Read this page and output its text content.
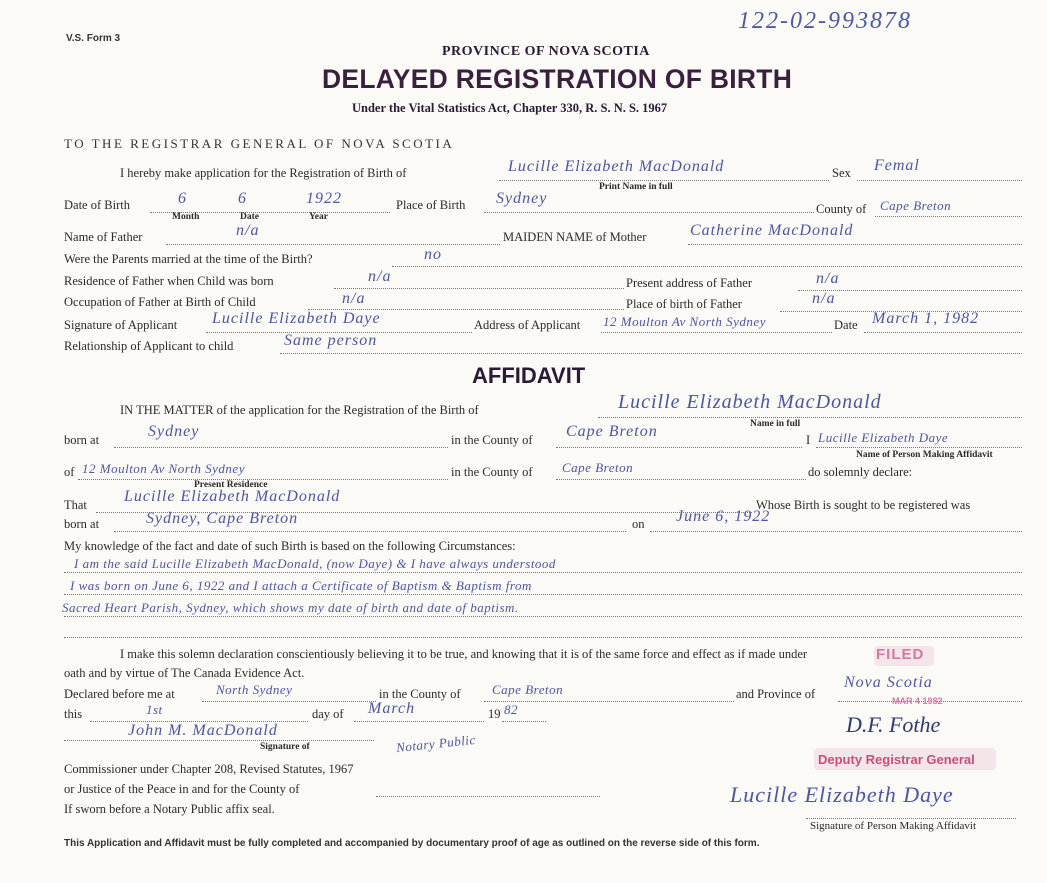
V.S. Form 3
122-02-993878
PROVINCE OF NOVA SCOTIA
DELAYED REGISTRATION OF BIRTH
Under the Vital Statistics Act, Chapter 330, R. S. N. S. 1967
TO THE REGISTRAR GENERAL OF NOVA SCOTIA
I hereby make application for the Registration of Birth of	Lucille Elizabeth MacDonald
Print Name in full
Sex Femal
Date of Birth	6	6	1922
Month	Date	Year
Place of Birth Sydney
County of Cape Breton
Name of Father	n/a	MAIDEN NAME of Mother	Catherine MacDonald
Were the Parents married at the time of the Birth?	no
Residence of Father when Child was born	n/a	Present address of Father	n/a
Occupation of Father at Birth of Child	n/a	Place of birth of Father	n/a
Signature of Applicant Lucille Elizabeth Daye	Address of Applicant 12 Moulton Av North Sydney	Date March 1, 1982
Relationship of Applicant to child	Same person
AFFIDAVIT
IN THE MATTER of the application for the Registration of the Birth of	Lucille Elizabeth MacDonald
Name in full
born at	Sydney	in the County of Cape Breton	I Lucille Elizabeth Daye
Name of Person Making Affidavit
of 12 Moulton Av North Sydney
Present Residence
in the County of Cape Breton	do solemnly declare:
That Lucille Elizabeth MacDonald	Whose Birth is sought to be registered was
born at	Sydney, Cape Breton	on June 6, 1922
My knowledge of the fact and date of such Birth is based on the following Circumstances:
I am the said Lucille Elizabeth MacDonald, (now Daye) & I have always understood
I was born on June 6, 1922 and I attach a Certificate of Baptism & Baptism from
Sacred Heart Parish, Sydney, which shows my date of birth and date of baptism.
I make this solemn declaration conscientiously believing it to be true, and knowing that it is of the same force and effect as if made under
oath and by virtue of The Canada Evidence Act.
Declared before me at	North Sydney	in the County of Cape Breton	and Province of
Nova Scotia
this	1st	day of March	19 82
John M. MacDonald
Notary Public
Signature of
Commissioner under Chapter 208, Revised Statutes, 1967
or Justice of the Peace in and for the County of
If sworn before a Notary Public affix seal.
Lucille Elizabeth Daye
Signature of Person Making Affidavit
FILED
MAR 4 1982
D.F. Fothe
Deputy Registrar General
This Application and Affidavit must be fully completed and accompanied by documentary proof of age as outlined on the reverse side of this form.
